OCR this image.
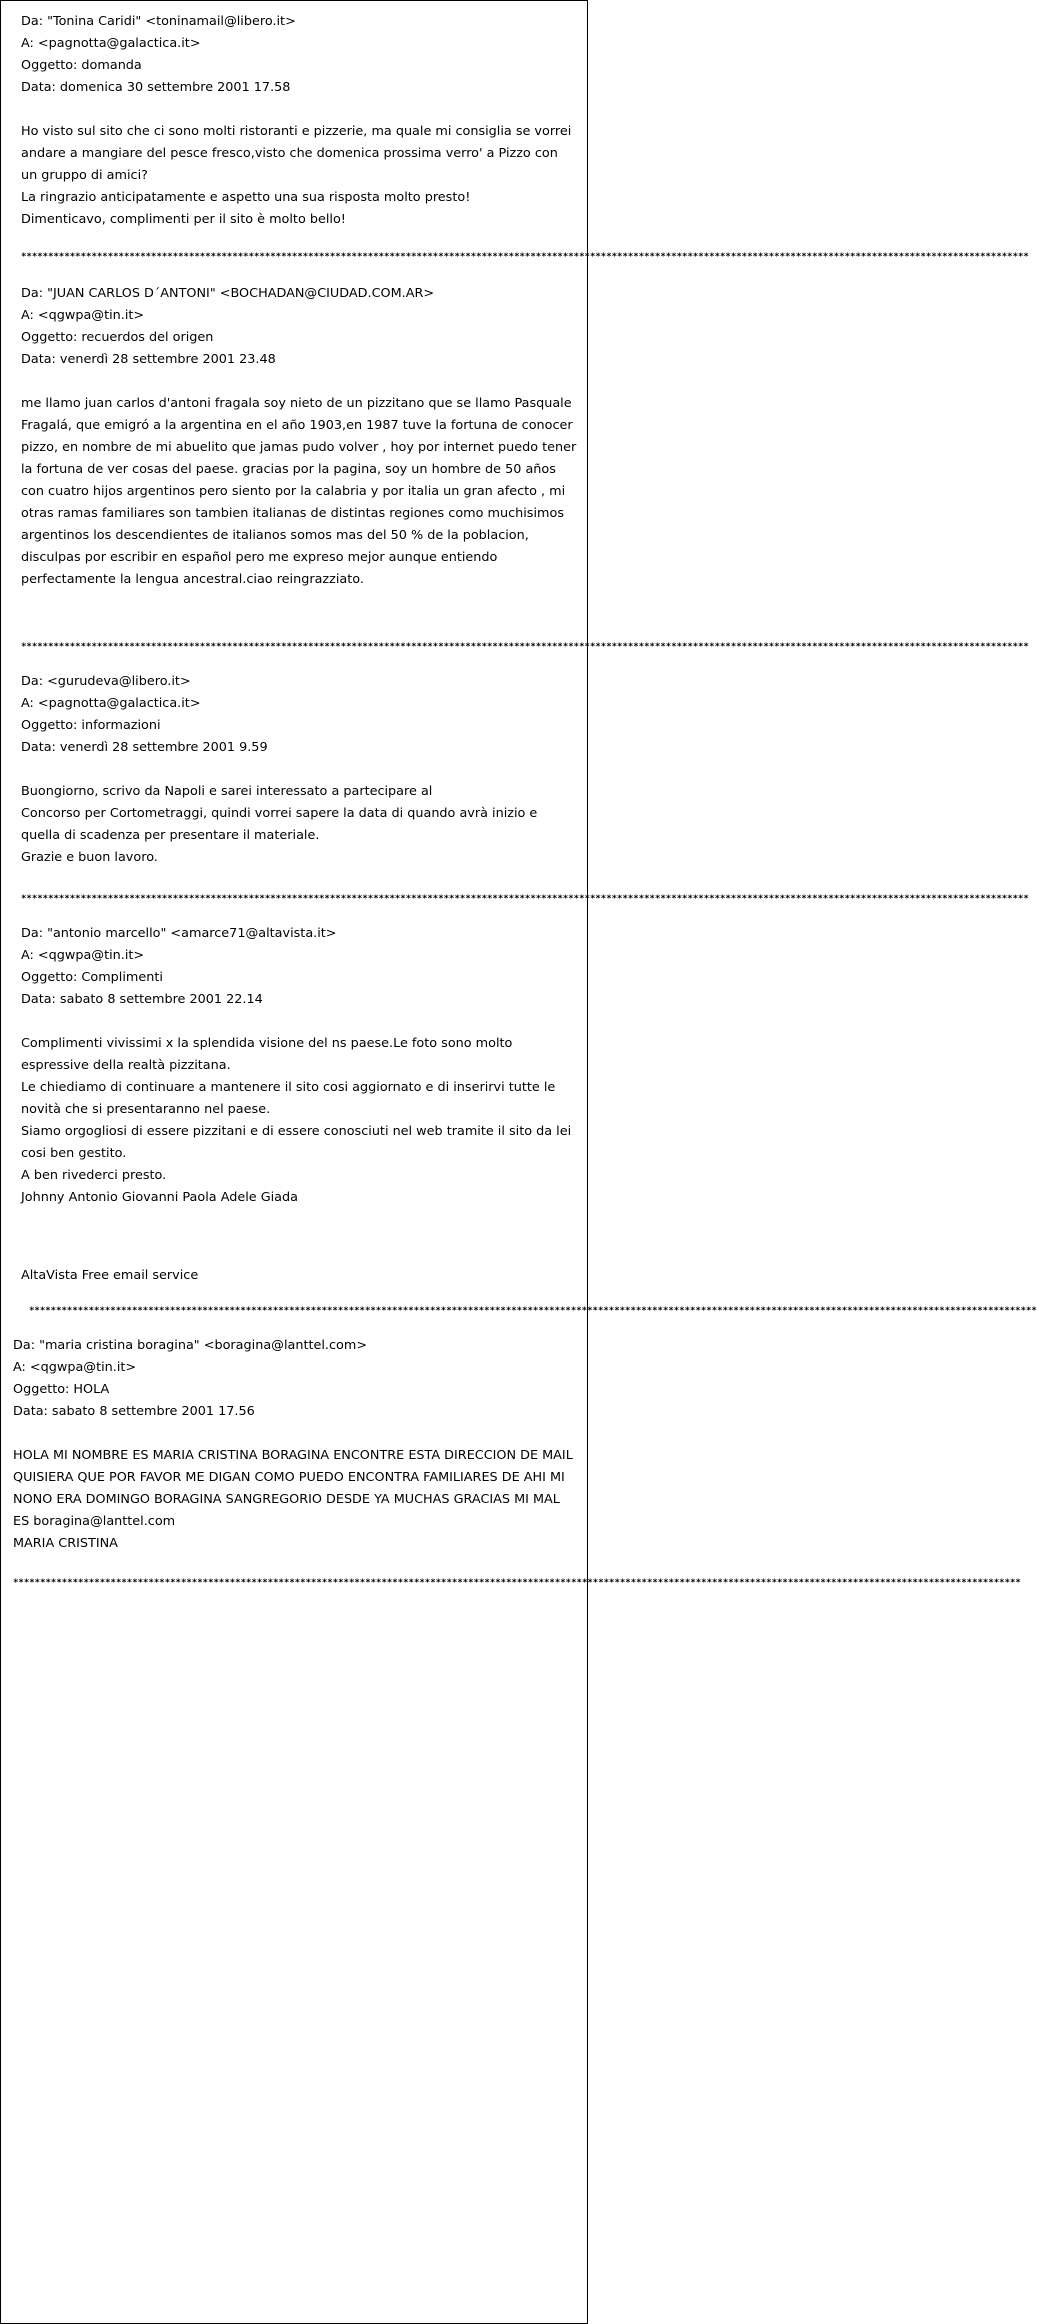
Da: "Tonina Caridi" <toninamail@libero.it>

A: <pagnotta@galactica.it>

Oggetto: domanda

Data: domenica 30 settembre 2001 17.58

Ho visto sul sito che ci sono molti ristoranti e pizzerie, ma quale mi consiglia se vorrei andare a mangiare del pesce fresco,visto che domenica prossima verro' a Pizzo con un gruppo di amici?

La ringrazio anticipatamente e aspetto una sua risposta molto presto!

Dimenticavo, complimenti per il sito è molto bello!

******************************************************************************************************************************************************************************************

Da: "JUAN CARLOS D´ANTONI" <BOCHADAN@CIUDAD.COM.AR>

A: <qgwpa@tin.it>

Oggetto: recuerdos del origen

Data: venerdì 28 settembre 2001 23.48

me llamo juan carlos d'antoni fragala soy nieto de un pizzitano que se llamo Pasquale Fragalá, que emigró a la argentina en el año 1903,en 1987 tuve la fortuna de conocer pizzo, en nombre de mi abuelito que jamas pudo volver , hoy por internet puedo tener la fortuna de ver cosas del paese. gracias por la pagina, soy un hombre de 50 años con cuatro hijos argentinos pero siento por la calabria y por italia un gran afecto , mi otras ramas familiares son tambien italianas de distintas regiones como muchisimos argentinos los descendientes de italianos somos mas del 50 % de la poblacion, disculpas por escribir en español pero me expreso mejor aunque entiendo perfectamente la lengua ancestral.ciao reingrazziato.

******************************************************************************************************************************************************************************************

Da: <gurudeva@libero.it>

A: <pagnotta@galactica.it>

Oggetto: informazioni

Data: venerdì 28 settembre 2001 9.59

Buongiorno, scrivo da Napoli e sarei interessato a partecipare al

Concorso per Cortometraggi, quindi vorrei sapere la data di quando avrà inizio e quella di scadenza per presentare il materiale.

Grazie e buon lavoro.

******************************************************************************************************************************************************************************************

Da: "antonio marcello" <amarce71@altavista.it>

A: <qgwpa@tin.it>

Oggetto: Complimenti

Data: sabato 8 settembre 2001 22.14

Complimenti vivissimi x la splendida visione del ns paese.Le foto sono molto espressive della realtà pizzitana.

Le chiediamo di continuare a mantenere il sito cosi aggiornato e di inserirvi tutte le novità che si presentaranno nel paese.

Siamo orgogliosi di essere pizzitani e di essere conosciuti nel web tramite il sito da lei cosi ben gestito.

A ben rivederci presto.

Johnny Antonio Giovanni Paola Adele Giada

AltaVista Free email service
******************************************************************************************************************************************************************************************

Da: "maria cristina boragina" <boragina@lanttel.com>

A: <qgwpa@tin.it>

Oggetto: HOLA

Data: sabato 8 settembre 2001 17.56

HOLA MI NOMBRE ES MARIA CRISTINA BORAGINA ENCONTRE ESTA DIRECCION DE MAIL QUISIERA QUE POR FAVOR ME DIGAN COMO PUEDO ENCONTRA FAMILIARES DE AHI MI NONO ERA DOMINGO BORAGINA SANGREGORIO DESDE YA MUCHAS GRACIAS MI MAL ES boragina@lanttel.com

MARIA CRISTINA

******************************************************************************************************************************************************************************************
